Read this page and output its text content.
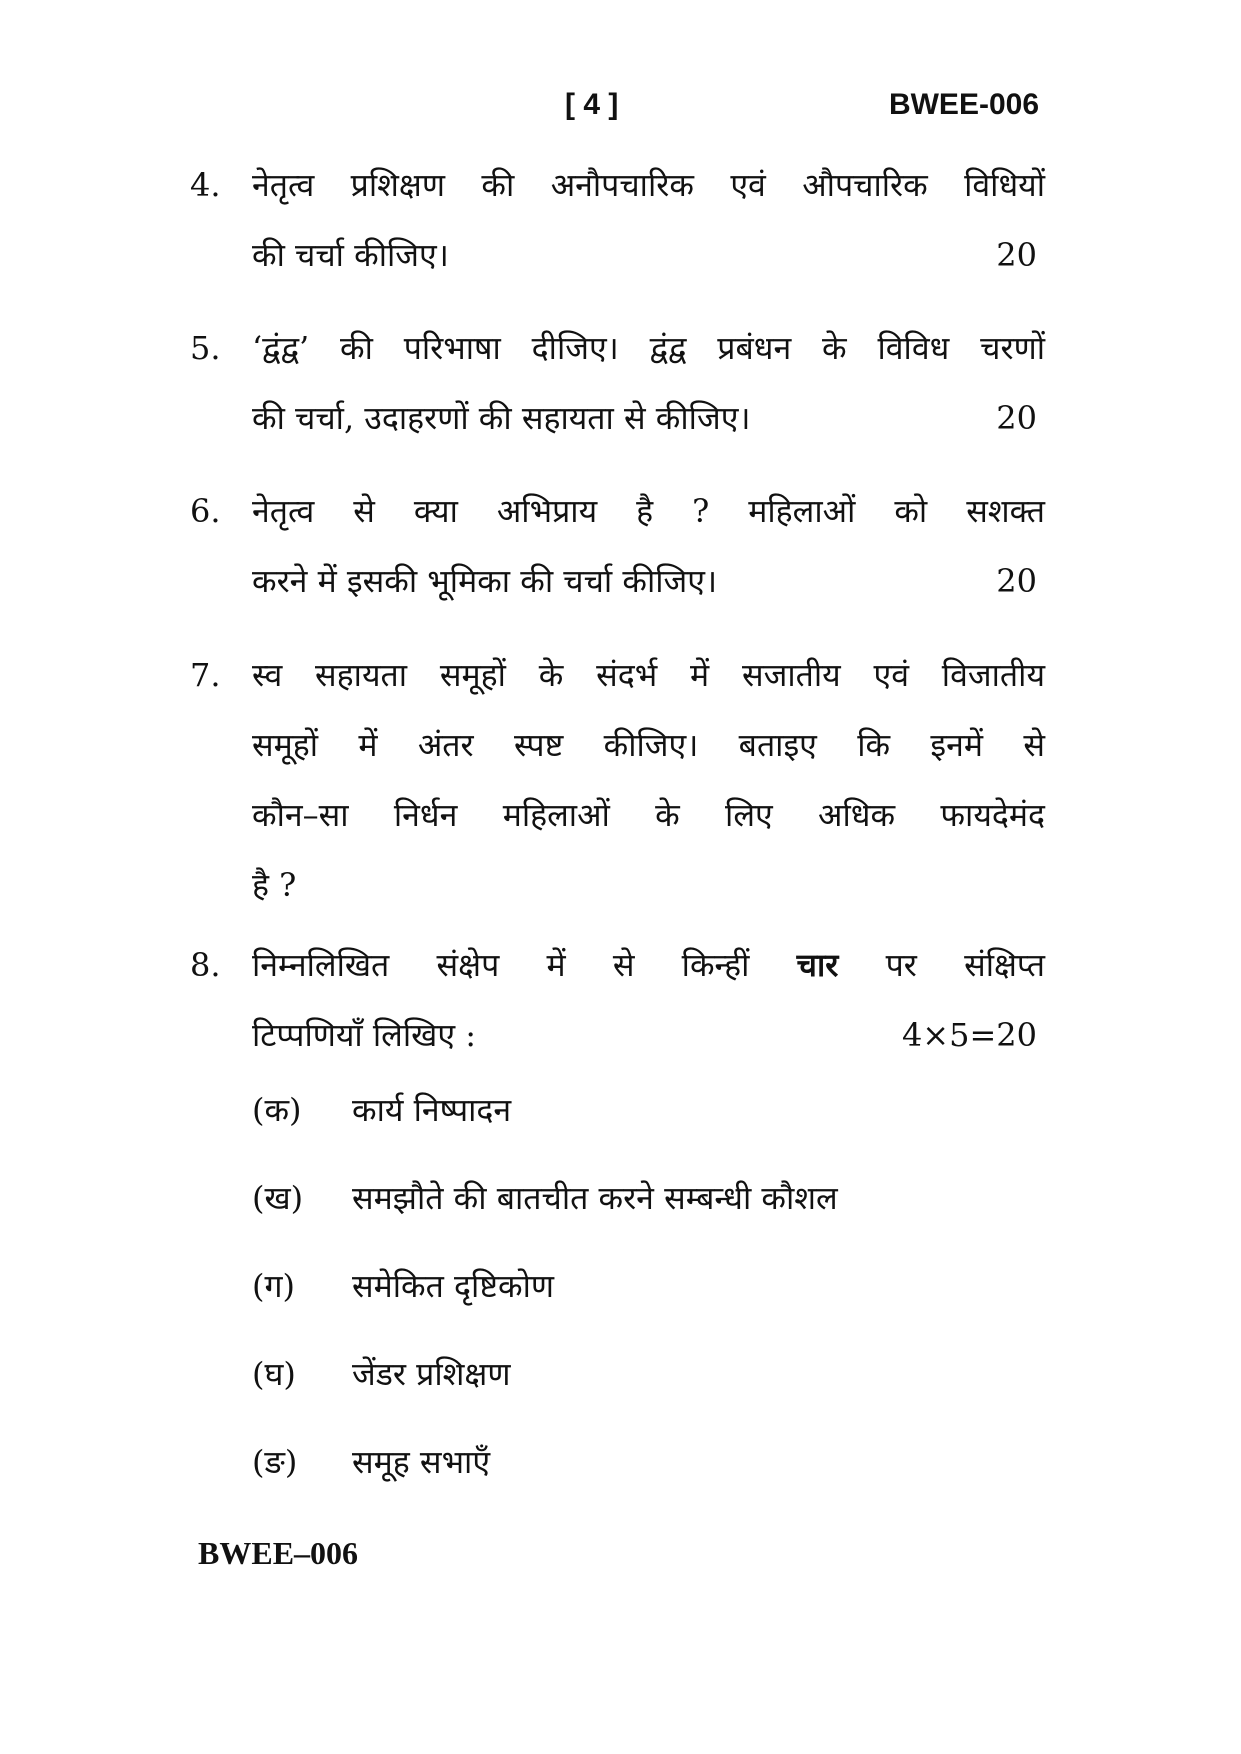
[ 4 ]	BWEE-006
4. नेतृत्व प्रशिक्षण की अनौपचारिक एवं औपचारिक विधियों
की चर्चा कीजिए।	20
5. ‘द्वंद्व’ की परिभाषा दीजिए। द्वंद्व प्रबंधन के विविध चरणों
की चर्चा, उदाहरणों की सहायता से कीजिए।	20
6. नेतृत्व से क्या अभिप्राय है ? महिलाओं को सशक्त
करने में इसकी भूमिका की चर्चा कीजिए।	20
7. स्व सहायता समूहों के संदर्भ में सजातीय एवं विजातीय
समूहों में अंतर स्पष्ट कीजिए। बताइए कि इनमें से
कौन–सा निर्धन महिलाओं के लिए अधिक फायदेमंद
है ?
8. निम्नलिखित संक्षेप में से किन्हीं चार पर संक्षिप्त
टिप्पणियाँ लिखिए :	4×5=20
(क) कार्य निष्पादन
(ख) समझौते की बातचीत करने सम्बन्धी कौशल
(ग) समेकित दृष्टिकोण
(घ) जेंडर प्रशिक्षण
(ङ) समूह सभाएँ
BWEE–006
